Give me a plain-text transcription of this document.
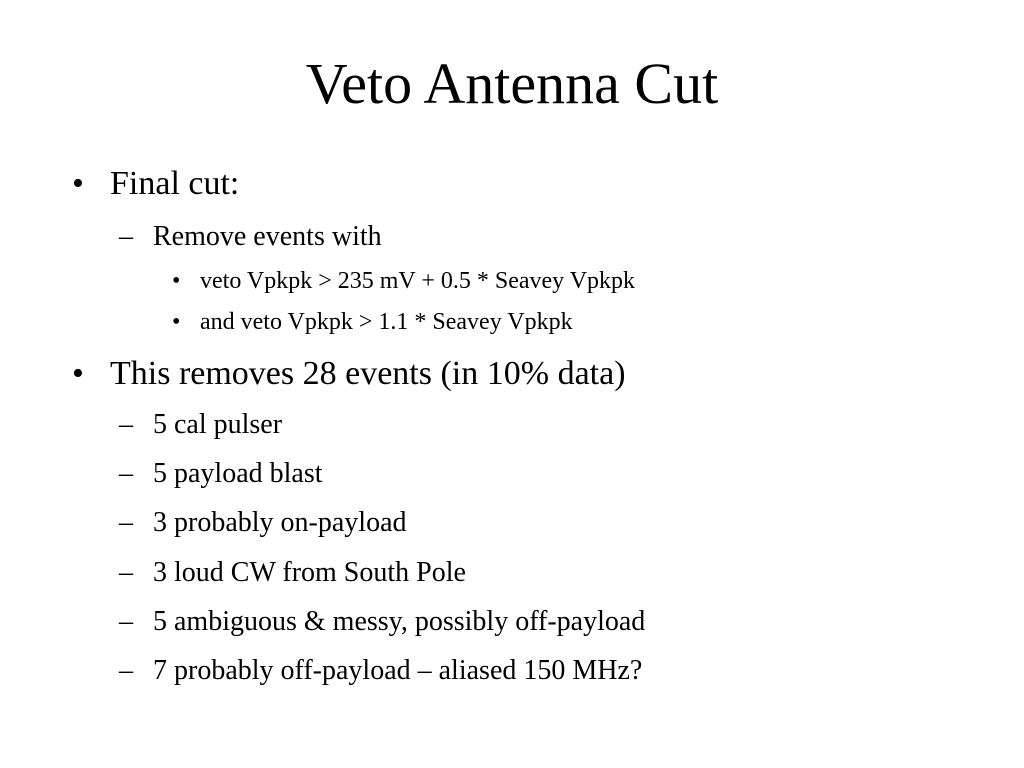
Veto Antenna Cut
• Final cut:
– Remove events with
• veto Vpkpk > 235 mV + 0.5 * Seavey Vpkpk
• and veto Vpkpk > 1.1 * Seavey Vpkpk
• This removes 28 events (in 10% data)
– 5 cal pulser
– 5 payload blast
– 3 probably on-payload
– 3 loud CW from South Pole
– 5 ambiguous & messy, possibly off-payload
– 7 probably off-payload – aliased 150 MHz?
